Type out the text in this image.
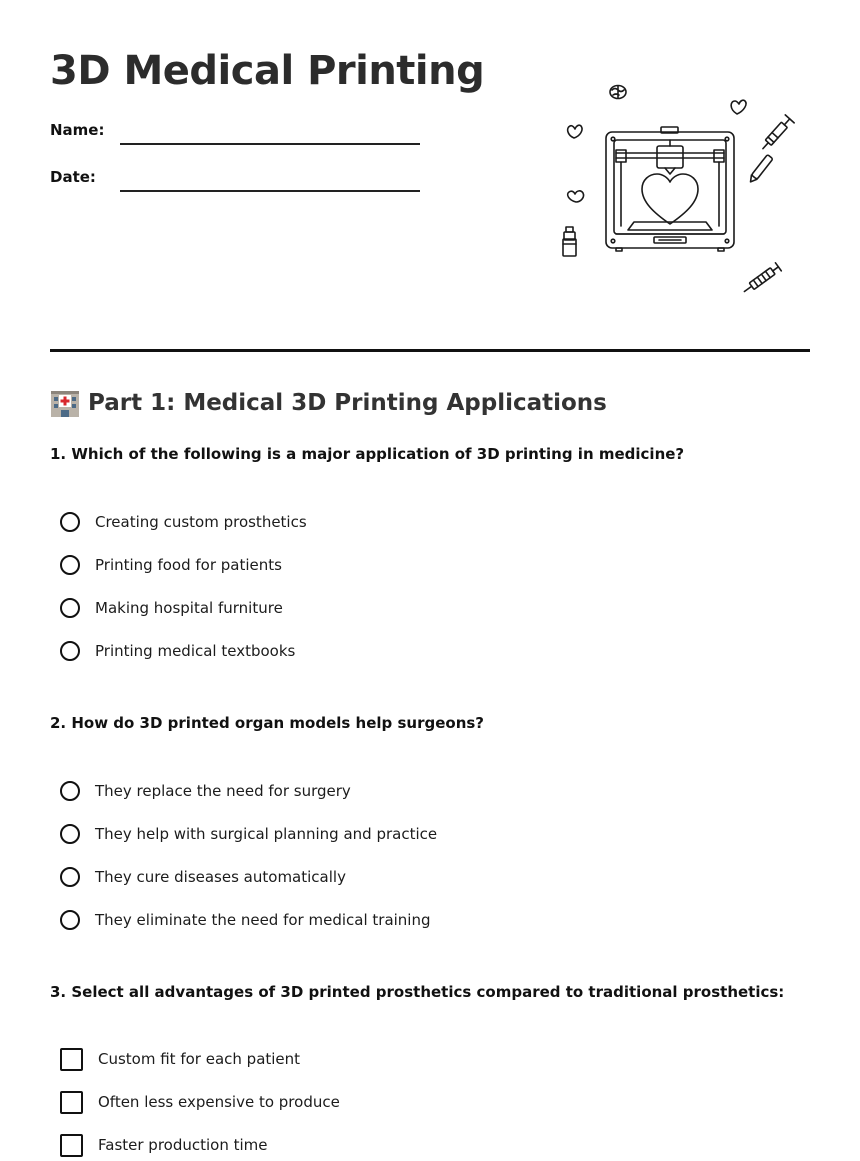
3D Medical Printing
Name:
Date:
Part 1: Medical 3D Printing Applications
1. Which of the following is a major application of 3D printing in medicine?
Creating custom prosthetics
Printing food for patients
Making hospital furniture
Printing medical textbooks
2. How do 3D printed organ models help surgeons?
They replace the need for surgery
They help with surgical planning and practice
They cure diseases automatically
They eliminate the need for medical training
3. Select all advantages of 3D printed prosthetics compared to traditional prosthetics:
Custom fit for each patient
Often less expensive to produce
Faster production time
